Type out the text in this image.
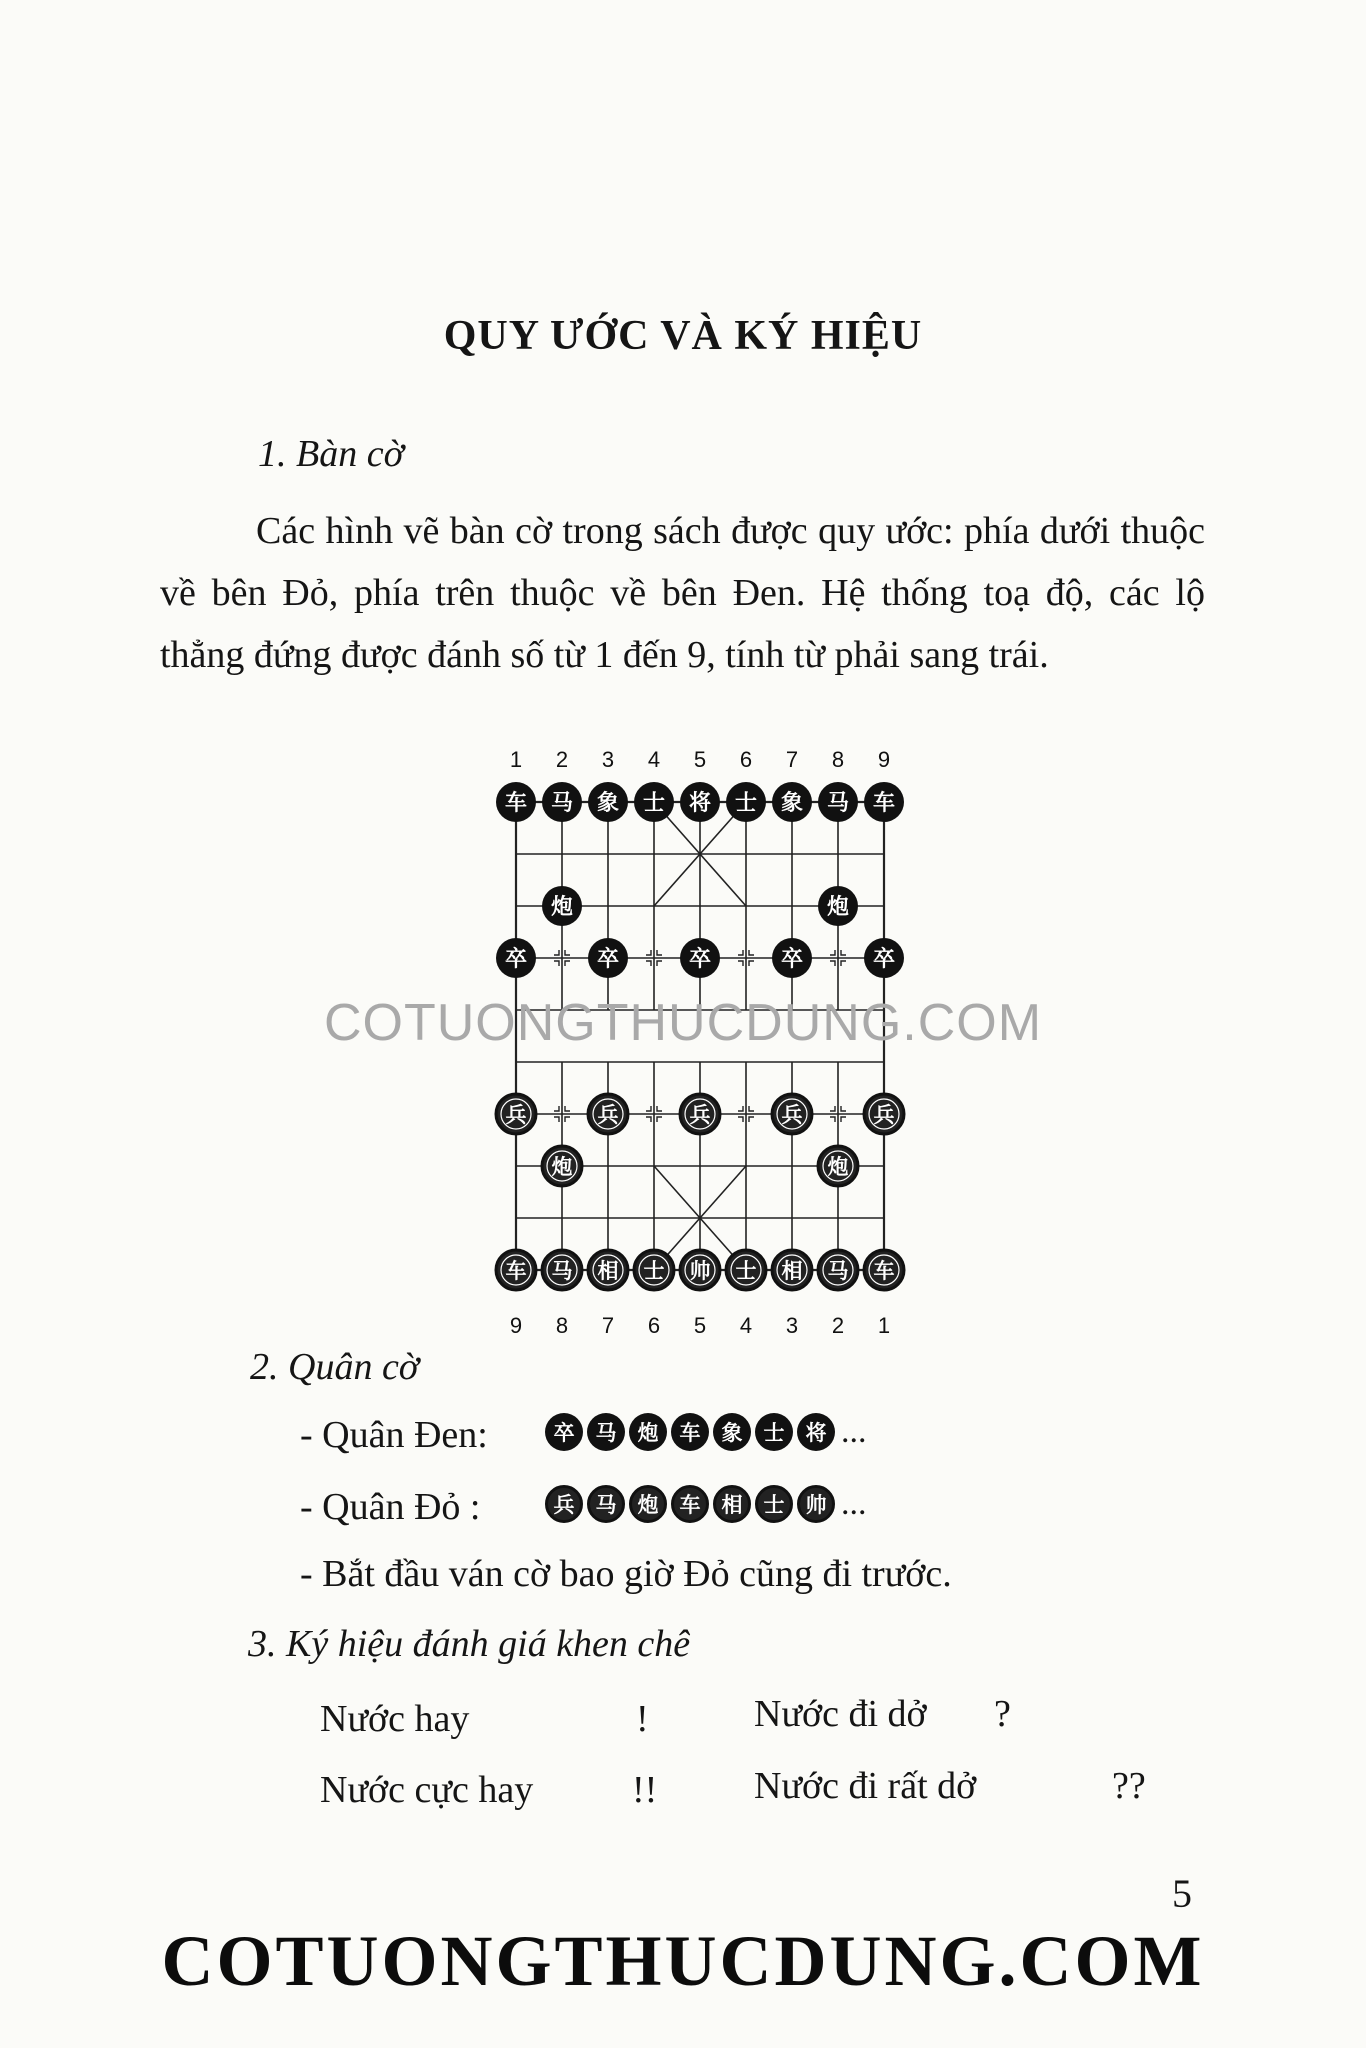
QUY ƯỚC VÀ KÝ HIỆU
1. Bàn cờ

Các hình vẽ bàn cờ trong sách được quy ước: phía dưới thuộc về bên Đỏ, phía trên thuộc về bên Đen. Hệ thống toạ độ, các lộ thẳng đứng được đánh số từ 1 đến 9, tính từ phải sang trái.

1 2 3 4 5 6 7 8 9
9 8 7 6 5 4 3 2 1
车 马 象 士 将 士 象 马 车
炮	炮
卒	卒	卒	卒	卒
兵	兵	兵	兵	兵
炮	炮
车 马 相 士 帅 士 相 马 车
COTUONGTHUCDUNG.COM
2. Quân cờ
- Quân Đen:	卒	马	炮	车	象	士	将 ...
- Quân Đỏ :	兵	马	炮	车	相	士	帅 ...
- Bắt đầu ván cờ bao giờ Đỏ cũng đi trước.
3. Ký hiệu đánh giá khen chê
Nước hay	!	Nước đi dở ?
Nước cực hay	!!	Nước đi rất dở	??
5
COTUONGTHUCDUNG.COM
